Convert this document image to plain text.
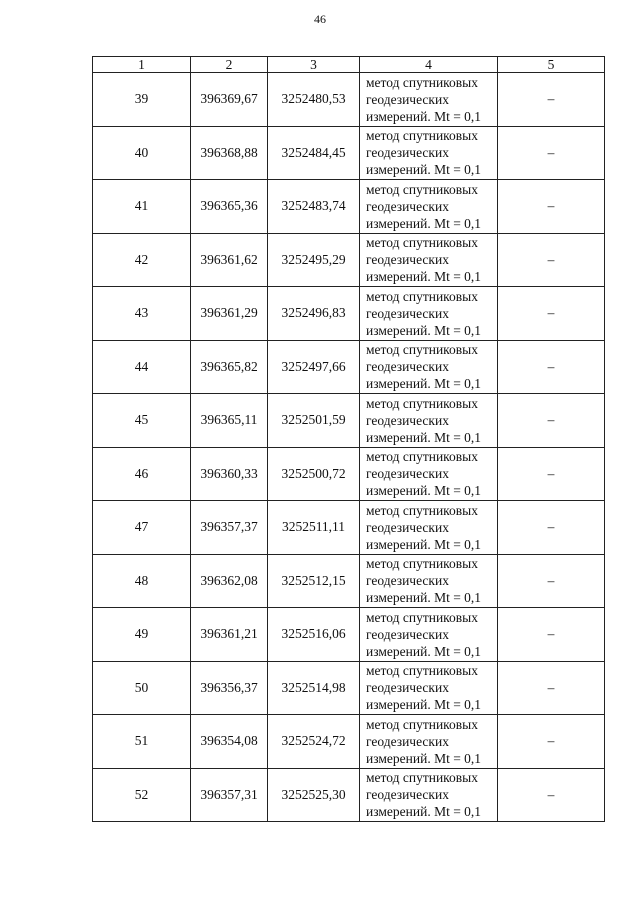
46
1	2	3	4	5
39	396369,67	3252480,53	метод спутниковых
геодезических
измерений. Mt = 0,1	–
40	396368,88	3252484,45	метод спутниковых
геодезических
измерений. Mt = 0,1	–
41	396365,36	3252483,74	метод спутниковых
геодезических
измерений. Mt = 0,1	–
42	396361,62	3252495,29	метод спутниковых
геодезических
измерений. Mt = 0,1	–
43	396361,29	3252496,83	метод спутниковых
геодезических
измерений. Mt = 0,1	–
44	396365,82	3252497,66	метод спутниковых
геодезических
измерений. Mt = 0,1	–
45	396365,11	3252501,59	метод спутниковых
геодезических
измерений. Mt = 0,1	–
46	396360,33	3252500,72	метод спутниковых
геодезических
измерений. Mt = 0,1	–
47	396357,37	3252511,11	метод спутниковых
геодезических
измерений. Mt = 0,1	–
48	396362,08	3252512,15	метод спутниковых
геодезических
измерений. Mt = 0,1	–
49	396361,21	3252516,06	метод спутниковых
геодезических
измерений. Mt = 0,1	–
50	396356,37	3252514,98	метод спутниковых
геодезических
измерений. Mt = 0,1	–
51	396354,08	3252524,72	метод спутниковых
геодезических
измерений. Mt = 0,1	–
52	396357,31	3252525,30	метод спутниковых
геодезических
измерений. Mt = 0,1	–
